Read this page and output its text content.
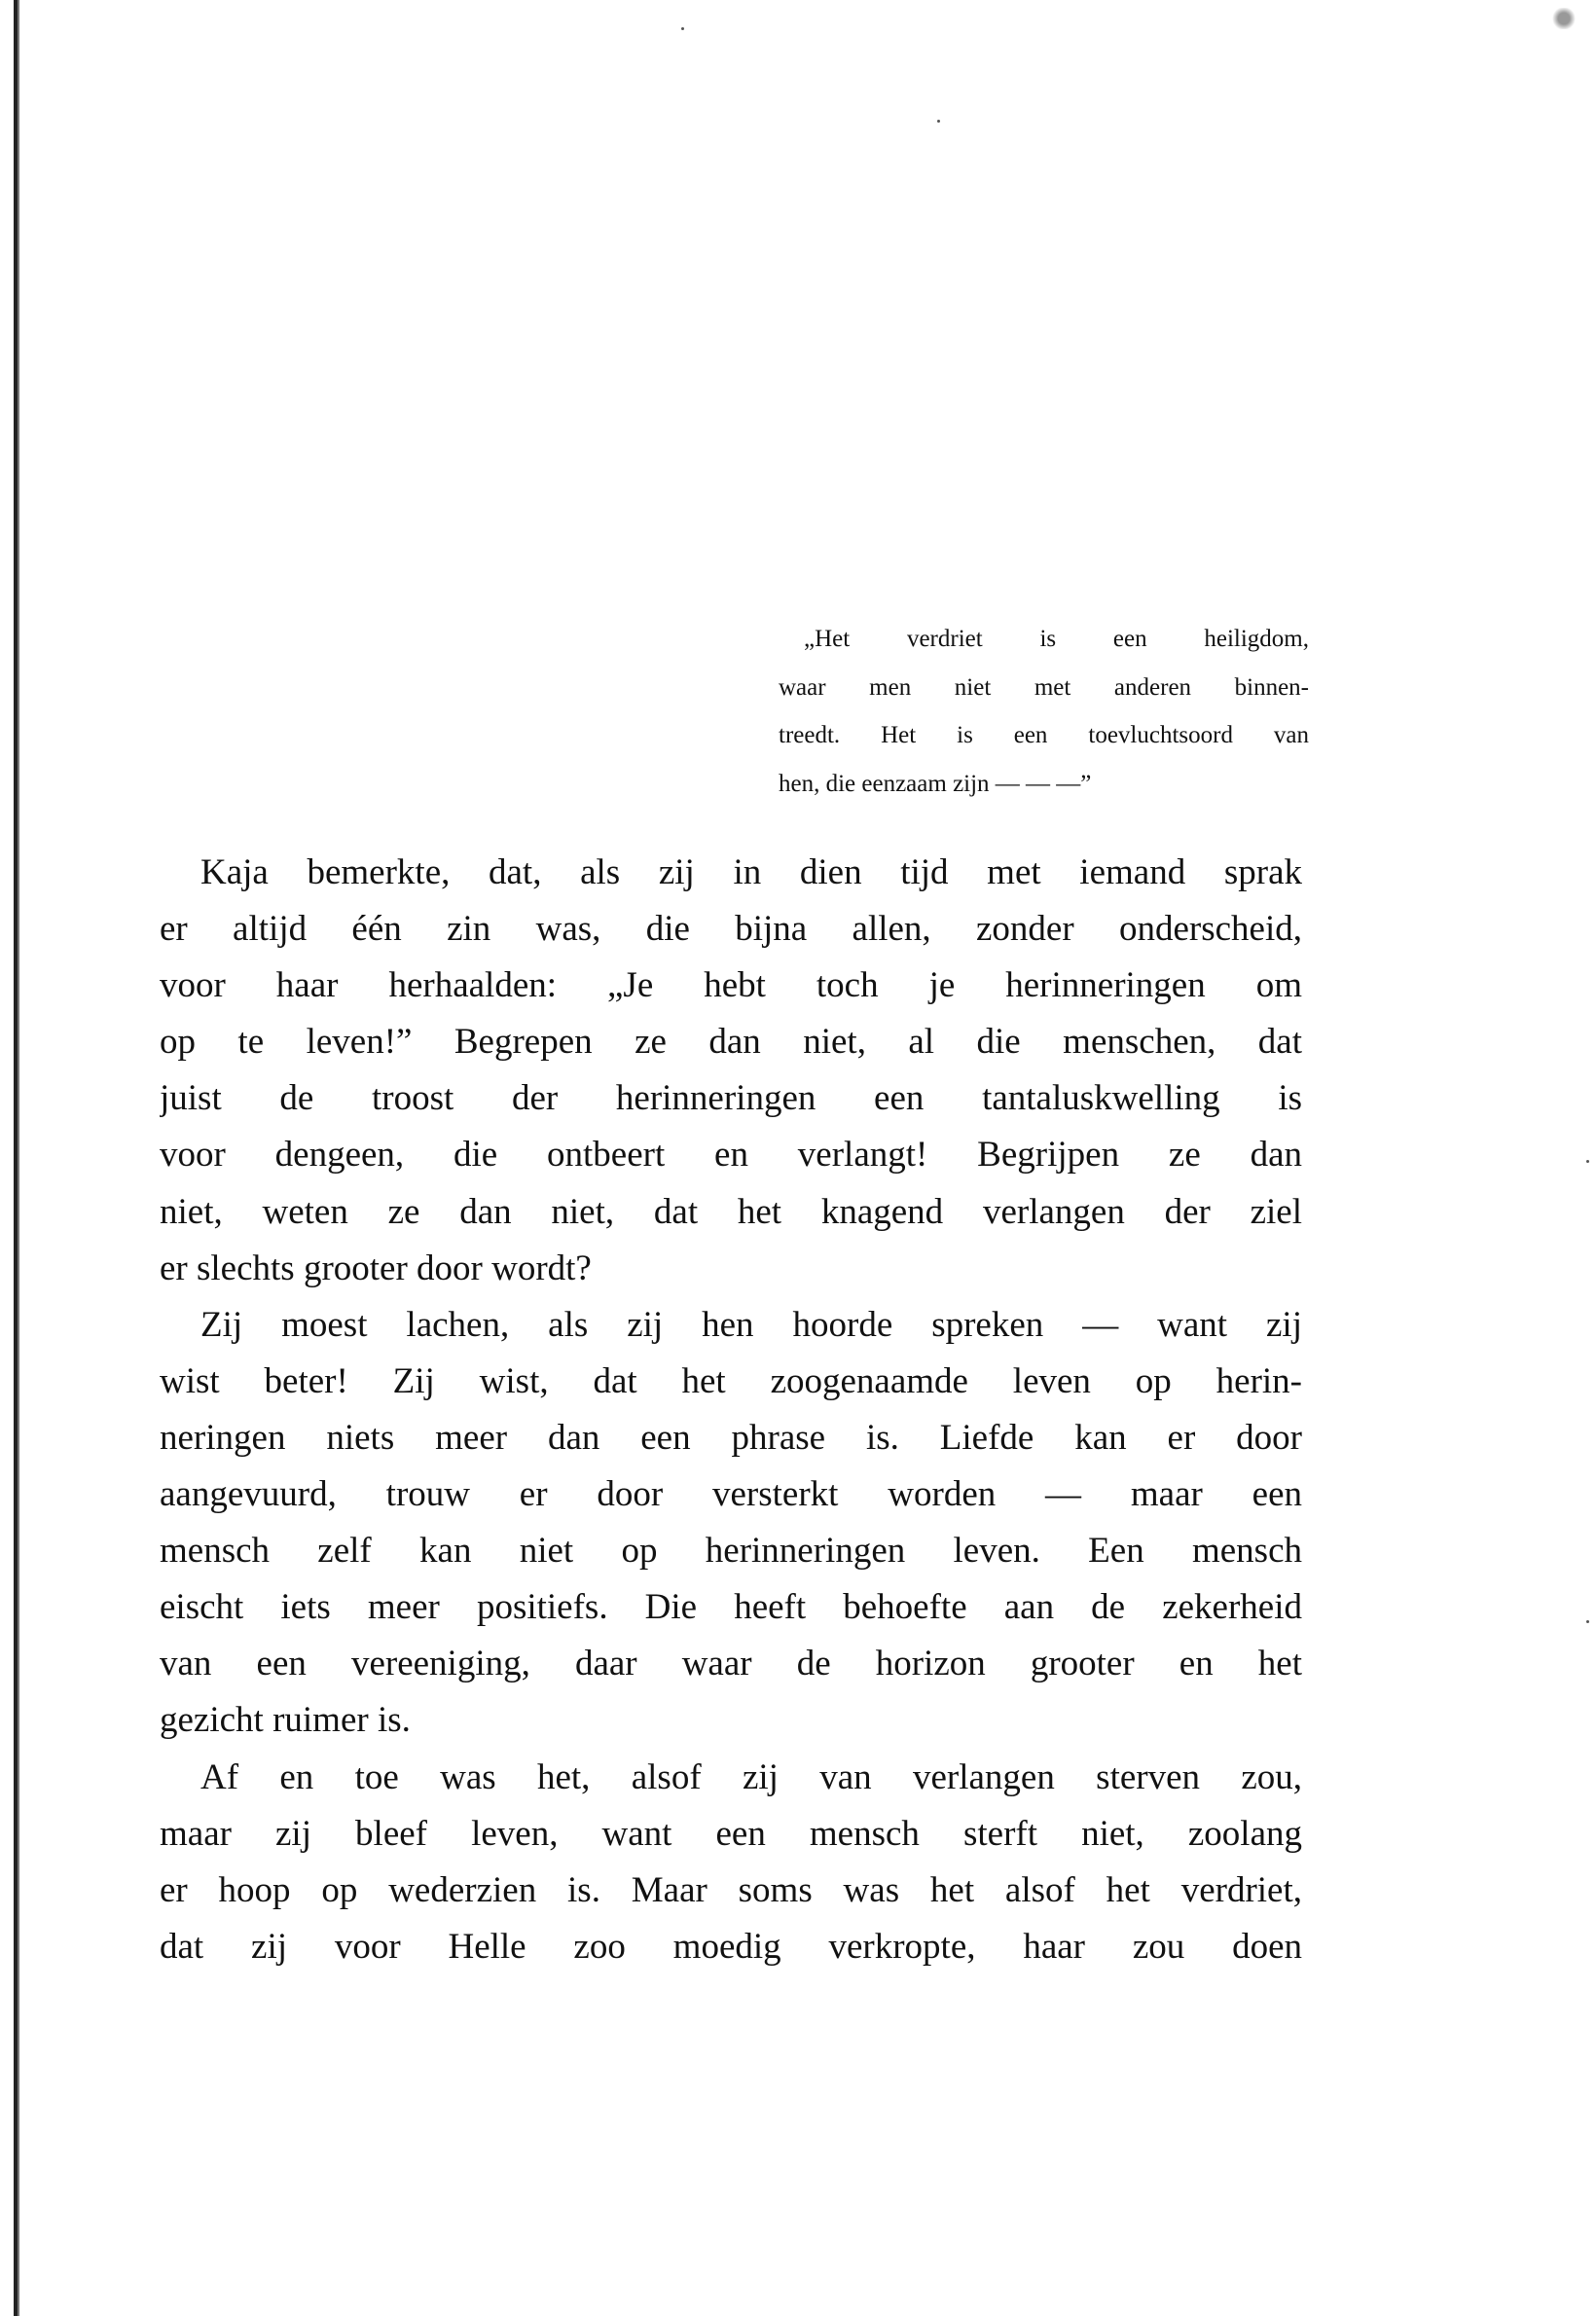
„Het verdriet is een heiligdom,
waar men niet met anderen binnen-
treedt. Het is een toevluchtsoord van
hen, die eenzaam zijn — — —”
Kaja bemerkte, dat, als zij in dien tijd met iemand sprak
er altijd één zin was, die bijna allen, zonder onderscheid,
voor haar herhaalden: „Je hebt toch je herinneringen om
op te leven!” Begrepen ze dan niet, al die menschen, dat
juist de troost der herinneringen een tantaluskwelling is
voor dengeen, die ontbeert en verlangt! Begrijpen ze dan
niet, weten ze dan niet, dat het knagend verlangen der ziel
er slechts grooter door wordt?
Zij moest lachen, als zij hen hoorde spreken — want zij
wist beter! Zij wist, dat het zoogenaamde leven op herin-
neringen niets meer dan een phrase is. Liefde kan er door
aangevuurd, trouw er door versterkt worden — maar een
mensch zelf kan niet op herinneringen leven. Een mensch
eischt iets meer positiefs. Die heeft behoefte aan de zekerheid
van een vereeniging, daar waar de horizon grooter en het
gezicht ruimer is.
Af en toe was het, alsof zij van verlangen sterven zou,
maar zij bleef leven, want een mensch sterft niet, zoolang
er hoop op wederzien is. Maar soms was het alsof het verdriet,
dat zij voor Helle zoo moedig verkropte, haar zou doen
